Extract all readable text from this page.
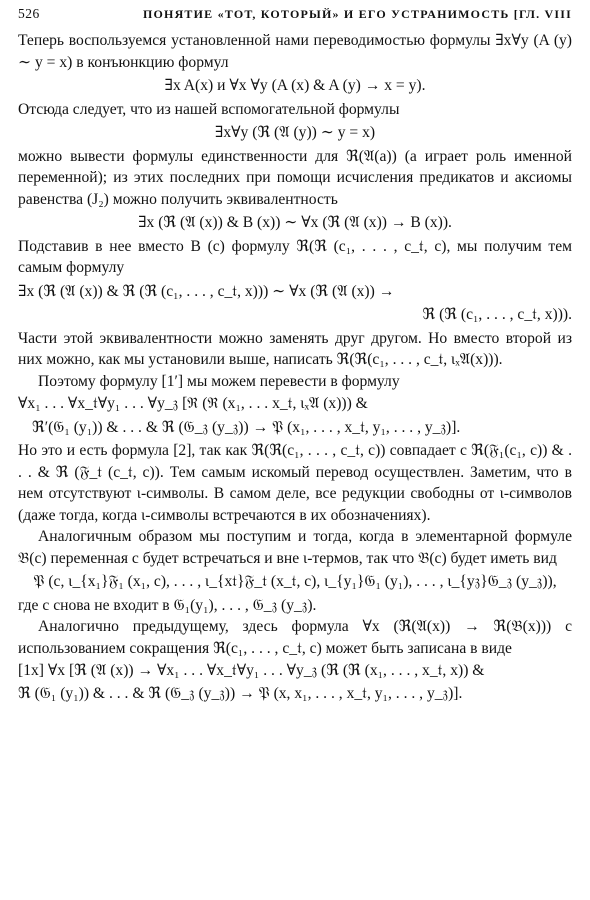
526	ПОНЯТИЕ «ТОТ, КОТОРЫЙ» И ЕГО УСТРАНИМОСТЬ [ГЛ. VIII

Теперь воспользуемся установленной нами переводимостью формулы ∃x∀y (A (y) ∼ y = x) в конъюнкцию формул

∃x A(x) и ∀x ∀y (A (x) & A (y) → x = y).

Отсюда следует, что из нашей вспомогательной формулы

∃x∀y (ℜ (𝔄 (y)) ∼ y = x)

можно вывести формулы единственности для ℜ(𝔄(a)) (a играет роль именной переменной); из этих последних при помощи исчисления предикатов и аксиомы равенства (J₂) можно получить эквивалентность

∃x (ℜ (𝔄 (x)) & B (x)) ∼ ∀x (ℜ (𝔄 (x)) → B (x)).

Подставив в нее вместо B (c) формулу ℜ(ℜ (c₁, . . . , c_𝔱, c), мы получим тем самым формулу

∃x (ℜ (𝔄 (x)) & ℜ (ℜ (c₁, . . . , c_𝔱, x))) ∼ ∀x (ℜ (𝔄 (x)) →
ℜ (ℜ (c₁, . . . , c_𝔱, x))).

Части этой эквивалентности можно заменять друг другом. Но вместо второй из них можно, как мы установили выше, написать ℜ(ℜ(c₁, . . . , c_𝔱, ιₓ𝔄(x))).

Поэтому формулу [1′] мы можем перевести в формулу

∀x₁ . . . ∀x_𝔱∀y₁ . . . ∀y_𝔷 [ℜ (ℜ (x₁, . . . x_𝔱, ιₓ𝔄 (x))) &
ℜ′(𝔊₁ (y₁)) & . . . & ℜ (𝔊_𝔷 (y_𝔷)) → 𝔓 (x₁, . . . , x_𝔱, y₁, . . . , y_𝔷)].

Но это и есть формула [2], так как ℜ(ℜ(c₁, . . . , c_𝔱, c)) совпадает с ℜ(𝔉₁(c₁, c)) & . . . & ℜ (𝔉_𝔱 (c_𝔱, c)). Тем самым искомый перевод осуществлен. Заметим, что в нем отсутствуют ι-символы. В самом деле, все редукции свободны от ι-символов (даже тогда, когда ι-символы встречаются в их обозначениях).

Аналогичным образом мы поступим и тогда, когда в элементарной формуле 𝔅(c) переменная c будет встречаться и вне ι-термов, так что 𝔅(c) будет иметь вид

𝔓 (c, ι_{x₁}𝔉₁ (x₁, c), . . . , ι_{x𝔱}𝔉_𝔱 (x_𝔱, c), ι_{y₁}𝔊₁ (y₁), . . . , ι_{y𝔷}𝔊_𝔷 (y_𝔷)),

где c снова не входит в 𝔊₁(y₁), . . . , 𝔊_𝔷 (y_𝔷).

Аналогично предыдущему, здесь формула ∀x (ℜ(𝔄(x)) → ℜ(𝔅(x))) с использованием сокращения ℜ(c₁, . . . , c_𝔱, c) может быть записана в виде

[1x] ∀x [ℜ (𝔄 (x)) → ∀x₁ . . . ∀x_𝔱∀y₁ . . . ∀y_𝔷 (ℜ (ℜ (x₁, . . . , x_𝔱, x)) &
ℜ (𝔊₁ (y₁)) & . . . & ℜ (𝔊_𝔷 (y_𝔷)) → 𝔓 (x, x₁, . . . , x_𝔱, y₁, . . . , y_𝔷)].
